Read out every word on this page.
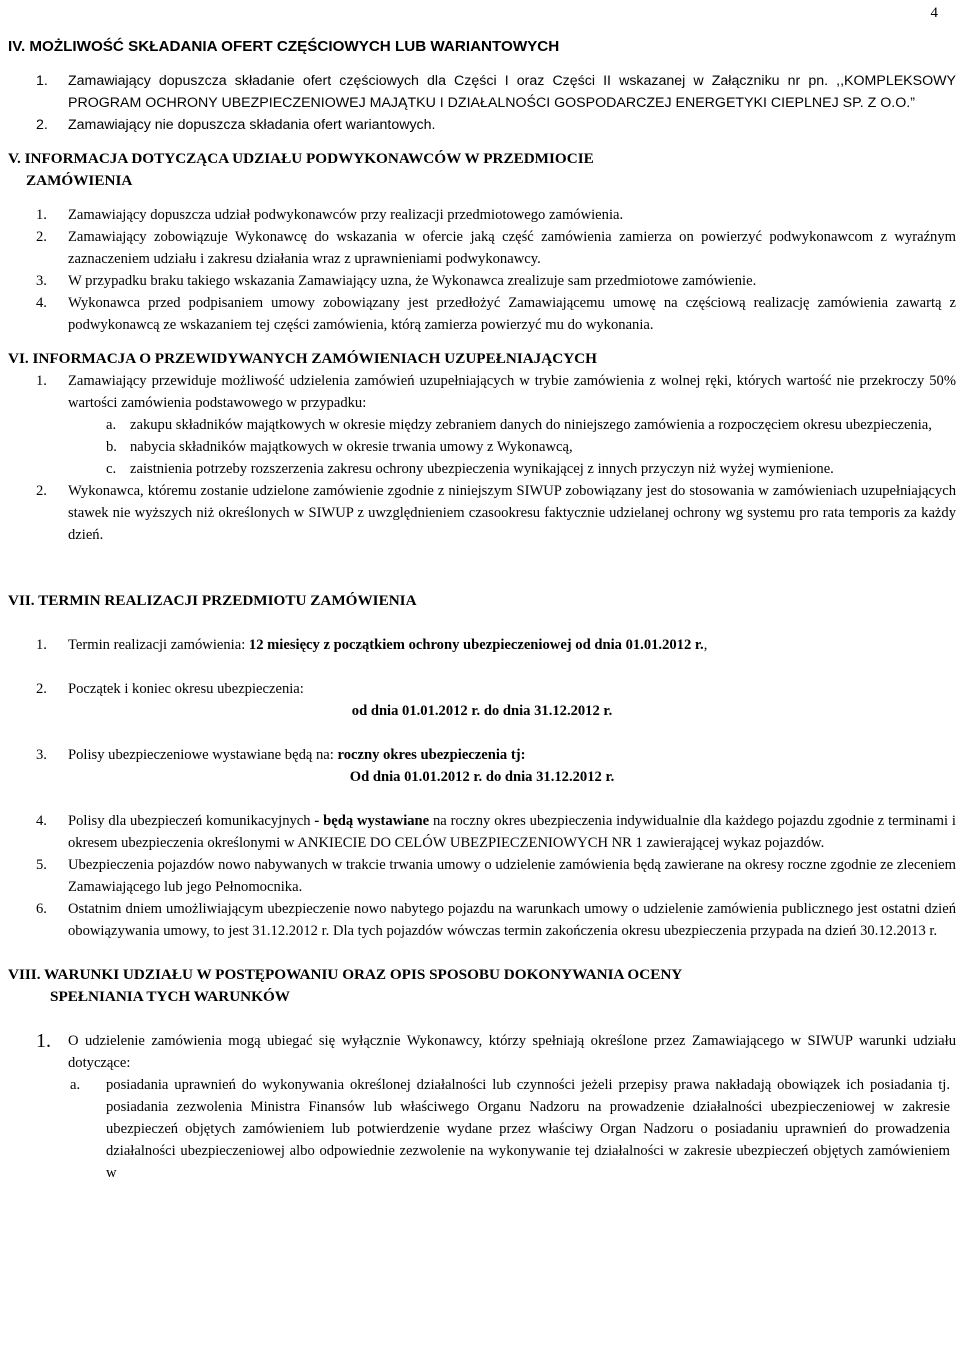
4
IV. MOŻLIWOŚĆ SKŁADANIA OFERT CZĘŚCIOWYCH LUB WARIANTOWYCH
1. Zamawiający dopuszcza składanie ofert częściowych dla Części I oraz Części II wskazanej w Załączniku nr pn. ,,KOMPLEKSOWY PROGRAM OCHRONY UBEZPIECZENIOWEJ MAJĄTKU I DZIAŁALNOŚCI GOSPODARCZEJ ENERGETYKI CIEPLNEJ SP. Z O.O.”
2. Zamawiający nie dopuszcza składania ofert wariantowych.
V. INFORMACJA DOTYCZĄCA UDZIAŁU PODWYKONAWCÓW W PRZEDMIOCIE
ZAMÓWIENIA
1. Zamawiający dopuszcza udział podwykonawców przy realizacji przedmiotowego zamówienia.
2. Zamawiający zobowiązuje Wykonawcę do wskazania w ofercie jaką część zamówienia zamierza on powierzyć podwykonawcom z wyraźnym zaznaczeniem udziału i zakresu działania wraz z uprawnieniami podwykonawcy.
3. W przypadku braku takiego wskazania Zamawiający uzna, że Wykonawca zrealizuje sam przedmiotowe zamówienie.
4. Wykonawca przed podpisaniem umowy zobowiązany jest przedłożyć Zamawiającemu umowę na częściową realizację zamówienia zawartą z podwykonawcą ze wskazaniem tej części zamówienia, którą zamierza powierzyć mu do wykonania.
VI. INFORMACJA O PRZEWIDYWANYCH ZAMÓWIENIACH UZUPEŁNIAJĄCYCH
1. Zamawiający przewiduje możliwość udzielenia zamówień uzupełniających w trybie zamówienia z wolnej ręki, których wartość nie przekroczy 50% wartości zamówienia podstawowego w przypadku:
a. zakupu składników majątkowych w okresie między zebraniem danych do niniejszego zamówienia a rozpoczęciem okresu ubezpieczenia,
b. nabycia składników majątkowych w okresie trwania umowy z Wykonawcą,
c. zaistnienia potrzeby rozszerzenia zakresu ochrony ubezpieczenia wynikającej z innych przyczyn niż wyżej wymienione.
2. Wykonawca, któremu zostanie udzielone zamówienie zgodnie z niniejszym SIWUP zobowiązany jest do stosowania w zamówieniach uzupełniających stawek nie wyższych niż określonych w SIWUP z uwzględnieniem czasookresu faktycznie udzielanej ochrony wg systemu pro rata temporis za każdy dzień.
VII. TERMIN REALIZACJI PRZEDMIOTU ZAMÓWIENIA
1. Termin realizacji zamówienia: 12 miesięcy z początkiem ochrony ubezpieczeniowej od dnia 01.01.2012 r.,
2. Początek i koniec okresu ubezpieczenia:
od dnia 01.01.2012 r. do dnia 31.12.2012 r.
3. Polisy ubezpieczeniowe wystawiane będą na: roczny okres ubezpieczenia tj:
Od dnia 01.01.2012 r. do dnia 31.12.2012 r.
4. Polisy dla ubezpieczeń komunikacyjnych - będą wystawiane na roczny okres ubezpieczenia indywidualnie dla każdego pojazdu zgodnie z terminami i okresem ubezpieczenia określonymi w ANKIECIE DO CELÓW UBEZPIECZENIOWYCH NR 1 zawierającej wykaz pojazdów.
5. Ubezpieczenia pojazdów nowo nabywanych w trakcie trwania umowy o udzielenie zamówienia będą zawierane na okresy roczne zgodnie ze zleceniem Zamawiającego lub jego Pełnomocnika.
6. Ostatnim dniem umożliwiającym ubezpieczenie nowo nabytego pojazdu na warunkach umowy o udzielenie zamówienia publicznego jest ostatni dzień obowiązywania umowy, to jest 31.12.2012 r. Dla tych pojazdów wówczas termin zakończenia okresu ubezpieczenia przypada na dzień 30.12.2013 r.
VIII. WARUNKI UDZIAŁU W POSTĘPOWANIU ORAZ OPIS SPOSOBU DOKONYWANIA OCENY
SPEŁNIANIA TYCH WARUNKÓW
1. O udzielenie zamówienia mogą ubiegać się wyłącznie Wykonawcy, którzy spełniają określone przez Zamawiającego w SIWUP warunki udziału dotyczące:
a. posiadania uprawnień do wykonywania określonej działalności lub czynności jeżeli przepisy prawa nakładają obowiązek ich posiadania tj. posiadania zezwolenia Ministra Finansów lub właściwego Organu Nadzoru na prowadzenie działalności ubezpieczeniowej w zakresie ubezpieczeń objętych zamówieniem lub potwierdzenie wydane przez właściwy Organ Nadzoru o posiadaniu uprawnień do prowadzenia działalności ubezpieczeniowej albo odpowiednie zezwolenie na wykonywanie tej działalności w zakresie ubezpieczeń objętych zamówieniem w
